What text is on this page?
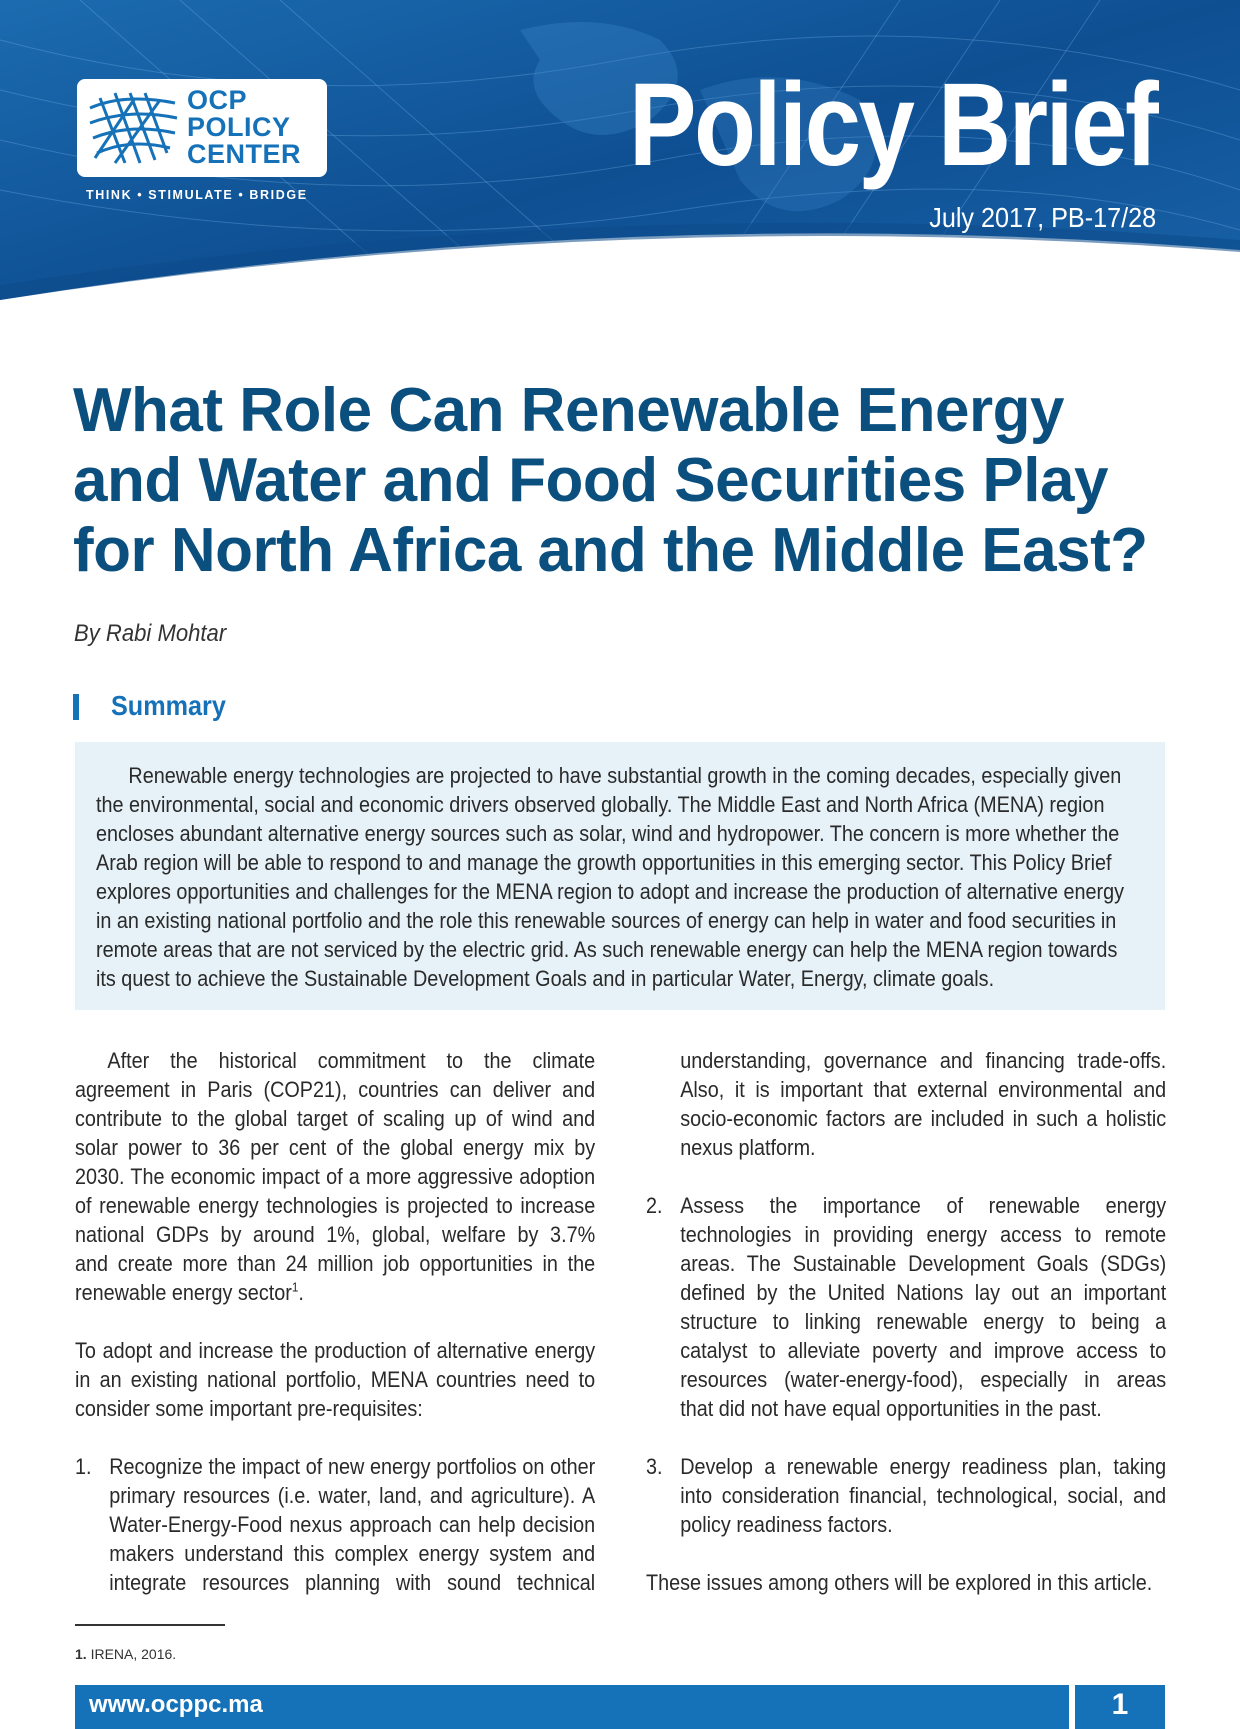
OCP
POLICY
CENTER
THINK • STIMULATE • BRIDGE
Policy Brief
July 2017, PB-17/28
What Role Can Renewable Energy
and Water and Food Securities Play
for North Africa and the Middle East?
By Rabi Mohtar
Summary
Renewable energy technologies are projected to have substantial growth in the coming decades, especially given
the environmental, social and economic drivers observed globally. The Middle East and North Africa (MENA) region
encloses abundant alternative energy sources such as solar, wind and hydropower. The concern is more whether the
Arab region will be able to respond to and manage the growth opportunities in this emerging sector. This Policy Brief
explores opportunities and challenges for the MENA region to adopt and increase the production of alternative energy
in an existing national portfolio and the role this renewable sources of energy can help in water and food securities in
remote areas that are not serviced by the electric grid. As such renewable energy can help the MENA region towards
its quest to achieve the Sustainable Development Goals and in particular Water, Energy, climate goals.
After the historical commitment to the climate
agreement in Paris (COP21), countries can deliver and
contribute to the global target of scaling up of wind and
solar power to 36 per cent of the global energy mix by
2030. The economic impact of a more aggressive adoption
of renewable energy technologies is projected to increase
national GDPs by around 1%, global, welfare by 3.7%
and create more than 24 million job opportunities in the
renewable energy sector$^1$.
To adopt and increase the production of alternative energy
in an existing national portfolio, MENA countries need to
consider some important pre-requisites:
1. Recognize the impact of new energy portfolios on other
primary resources (i.e. water, land, and agriculture). A
Water-Energy-Food nexus approach can help decision
makers understand this complex energy system and
integrate resources planning with sound technical
understanding, governance and financing trade-offs.
Also, it is important that external environmental and
socio-economic factors are included in such a holistic
nexus platform.
2. Assess the importance of renewable energy
technologies in providing energy access to remote
areas. The Sustainable Development Goals (SDGs)
defined by the United Nations lay out an important
structure to linking renewable energy to being a
catalyst to alleviate poverty and improve access to
resources (water-energy-food), especially in areas
that did not have equal opportunities in the past.
3. Develop a renewable energy readiness plan, taking
into consideration financial, technological, social, and
policy readiness factors.
These issues among others will be explored in this article.
1. IRENA, 2016.
www.ocppc.ma	1
